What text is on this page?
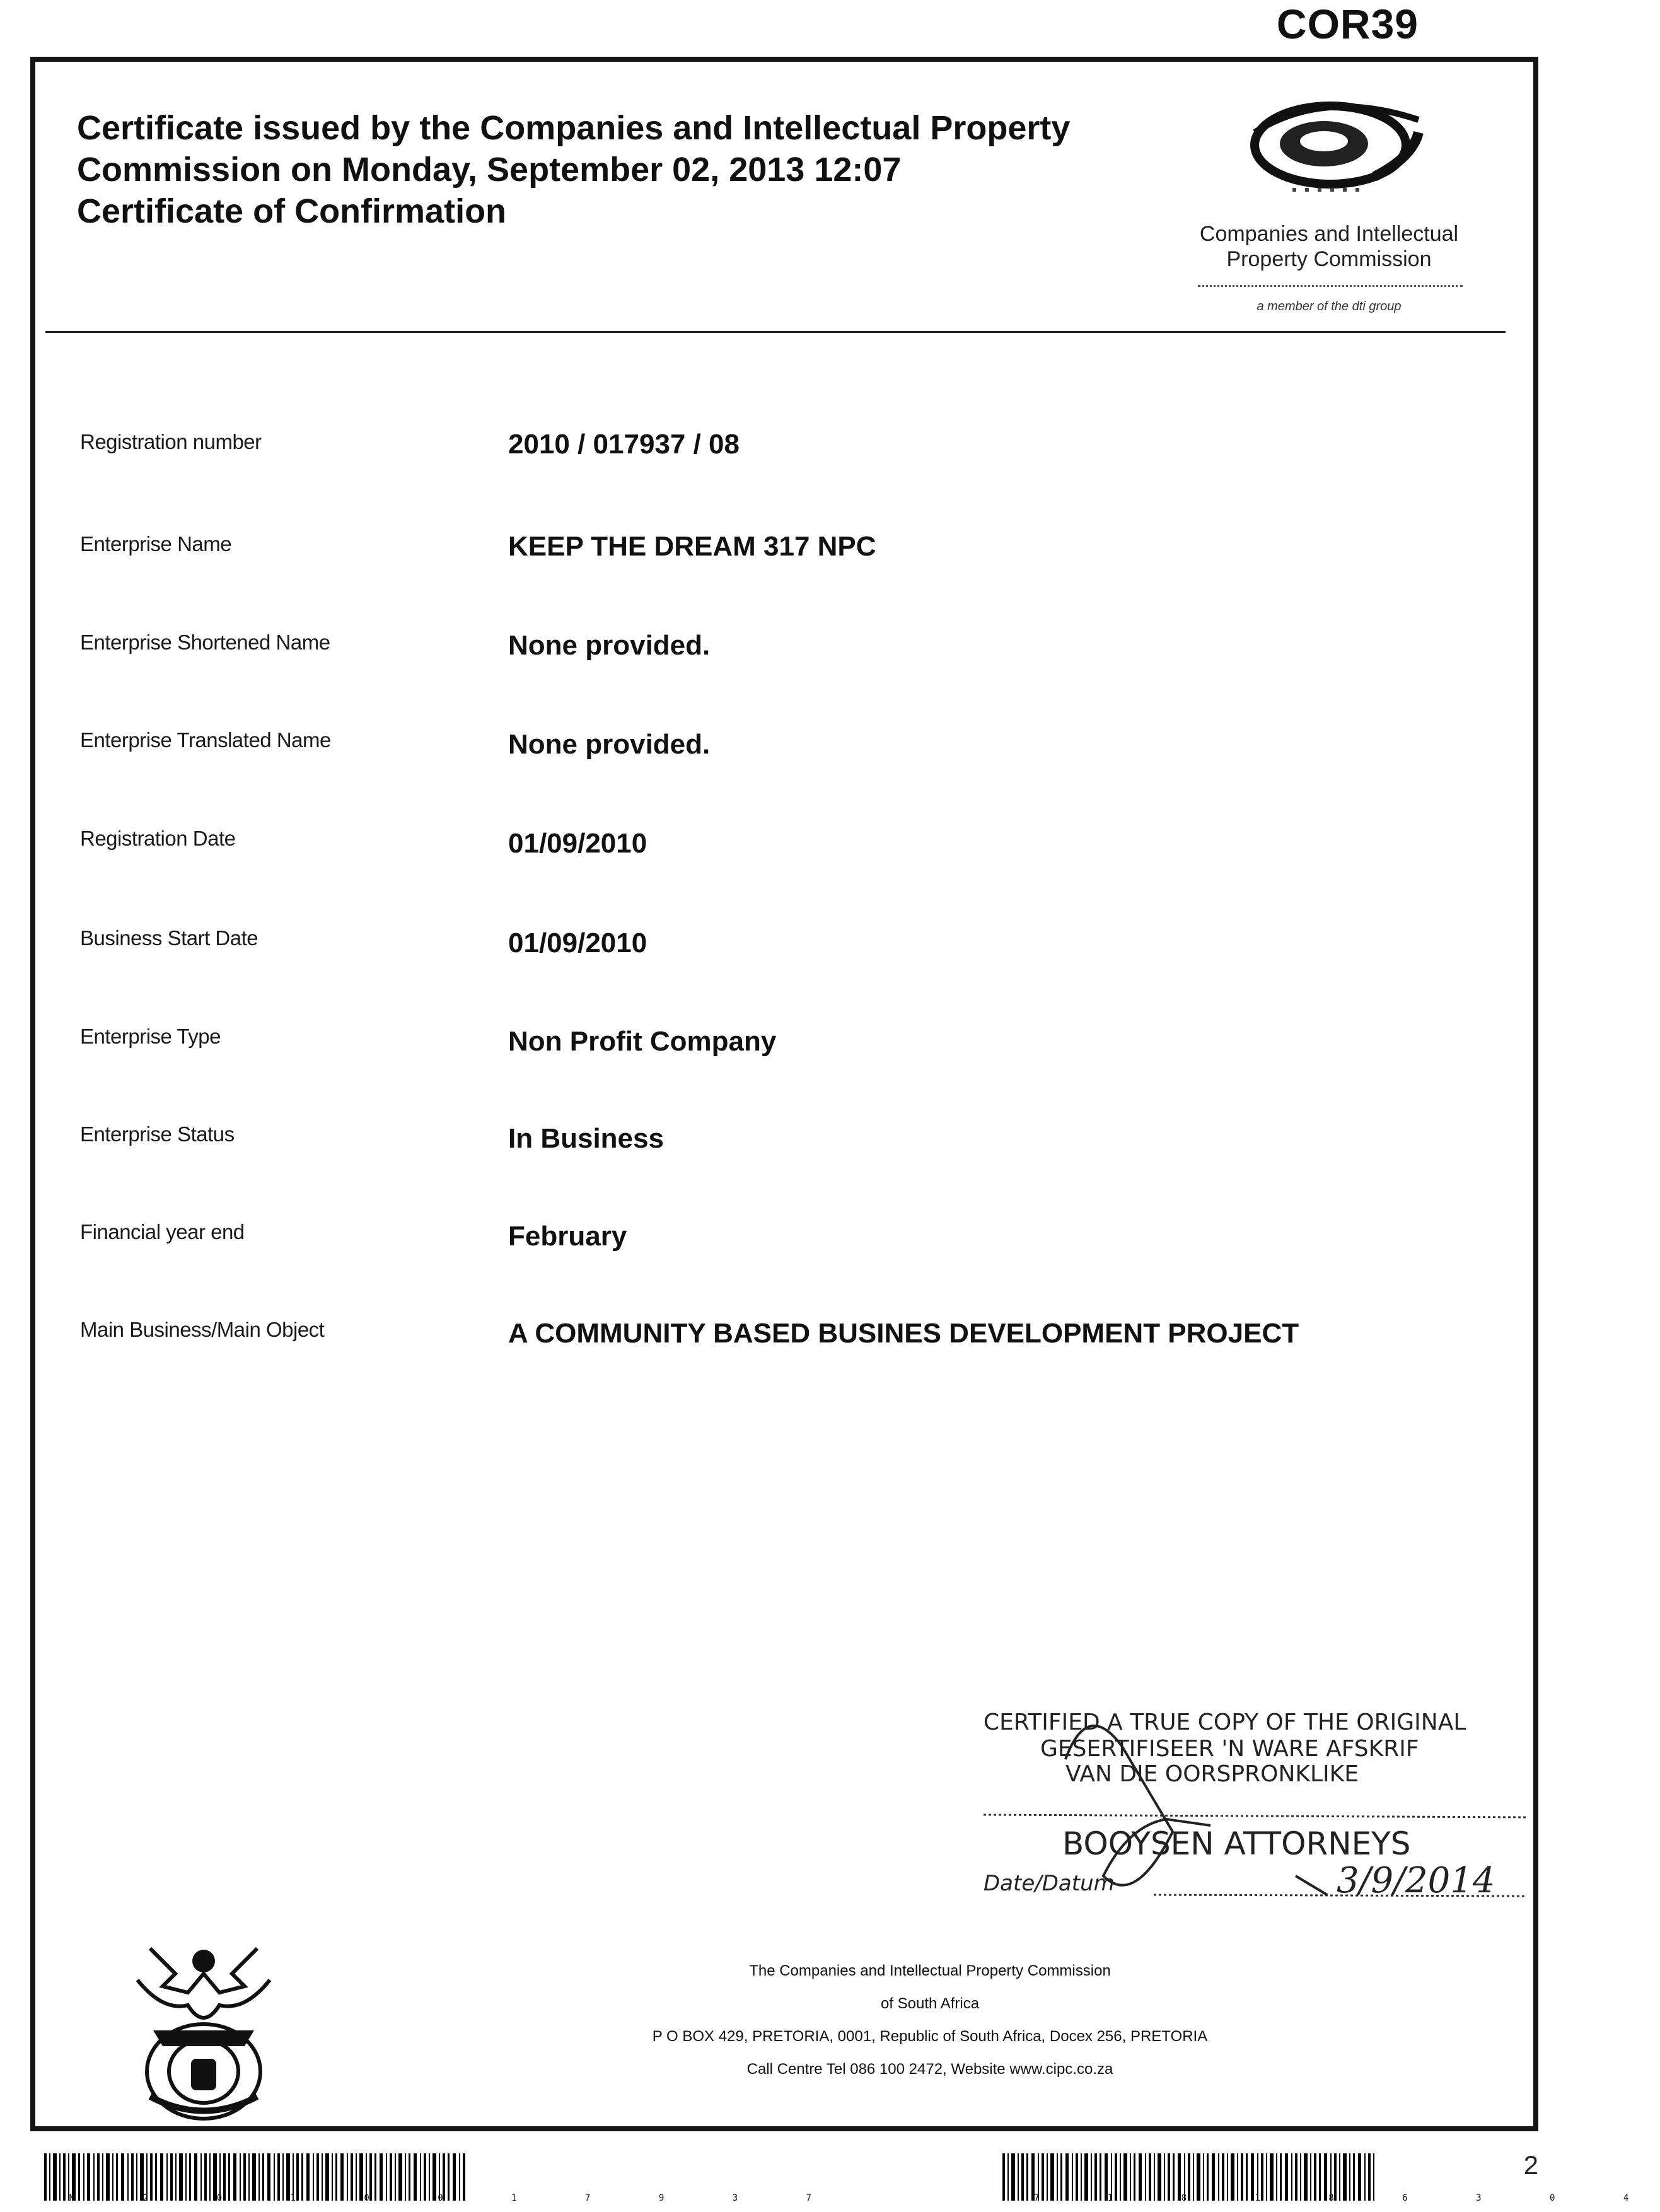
COR39
Certificate issued by the Companies and Intellectual Property
Commission on Monday, September 02, 2013 12:07
Certificate of Confirmation
Companies and Intellectual
Property Commission
a member of the dti group
Registration number	2010 / 017937 / 08
Enterprise Name	KEEP THE DREAM 317 NPC
Enterprise Shortened Name	None provided.
Enterprise Translated Name	None provided.
Registration Date	01/09/2010
Business Start Date	01/09/2010
Enterprise Type	Non Profit Company
Enterprise Status	In Business
Financial year end	February
Main Business/Main Object	A COMMUNITY BASED BUSINES DEVELOPMENT PROJECT
CERTIFIED A TRUE COPY OF THE ORIGINAL
GESERTIFISEER 'N WARE AFSKRIF
VAN DIE OORSPRONKLIKE
BOOYSEN ATTORNEYS
Date/Datum	3/9/2014
The Companies and Intellectual Property Commission
of South Africa
P O BOX 429, PRETORIA, 0001, Republic of South Africa, Docex 256, PRETORIA
Call Centre Tel 086 100 2472, Website www.cipc.co.za
M 2 0 1 0 0 1 7 9 3 7	7 1 8 1 8 6 3 0 4
2
